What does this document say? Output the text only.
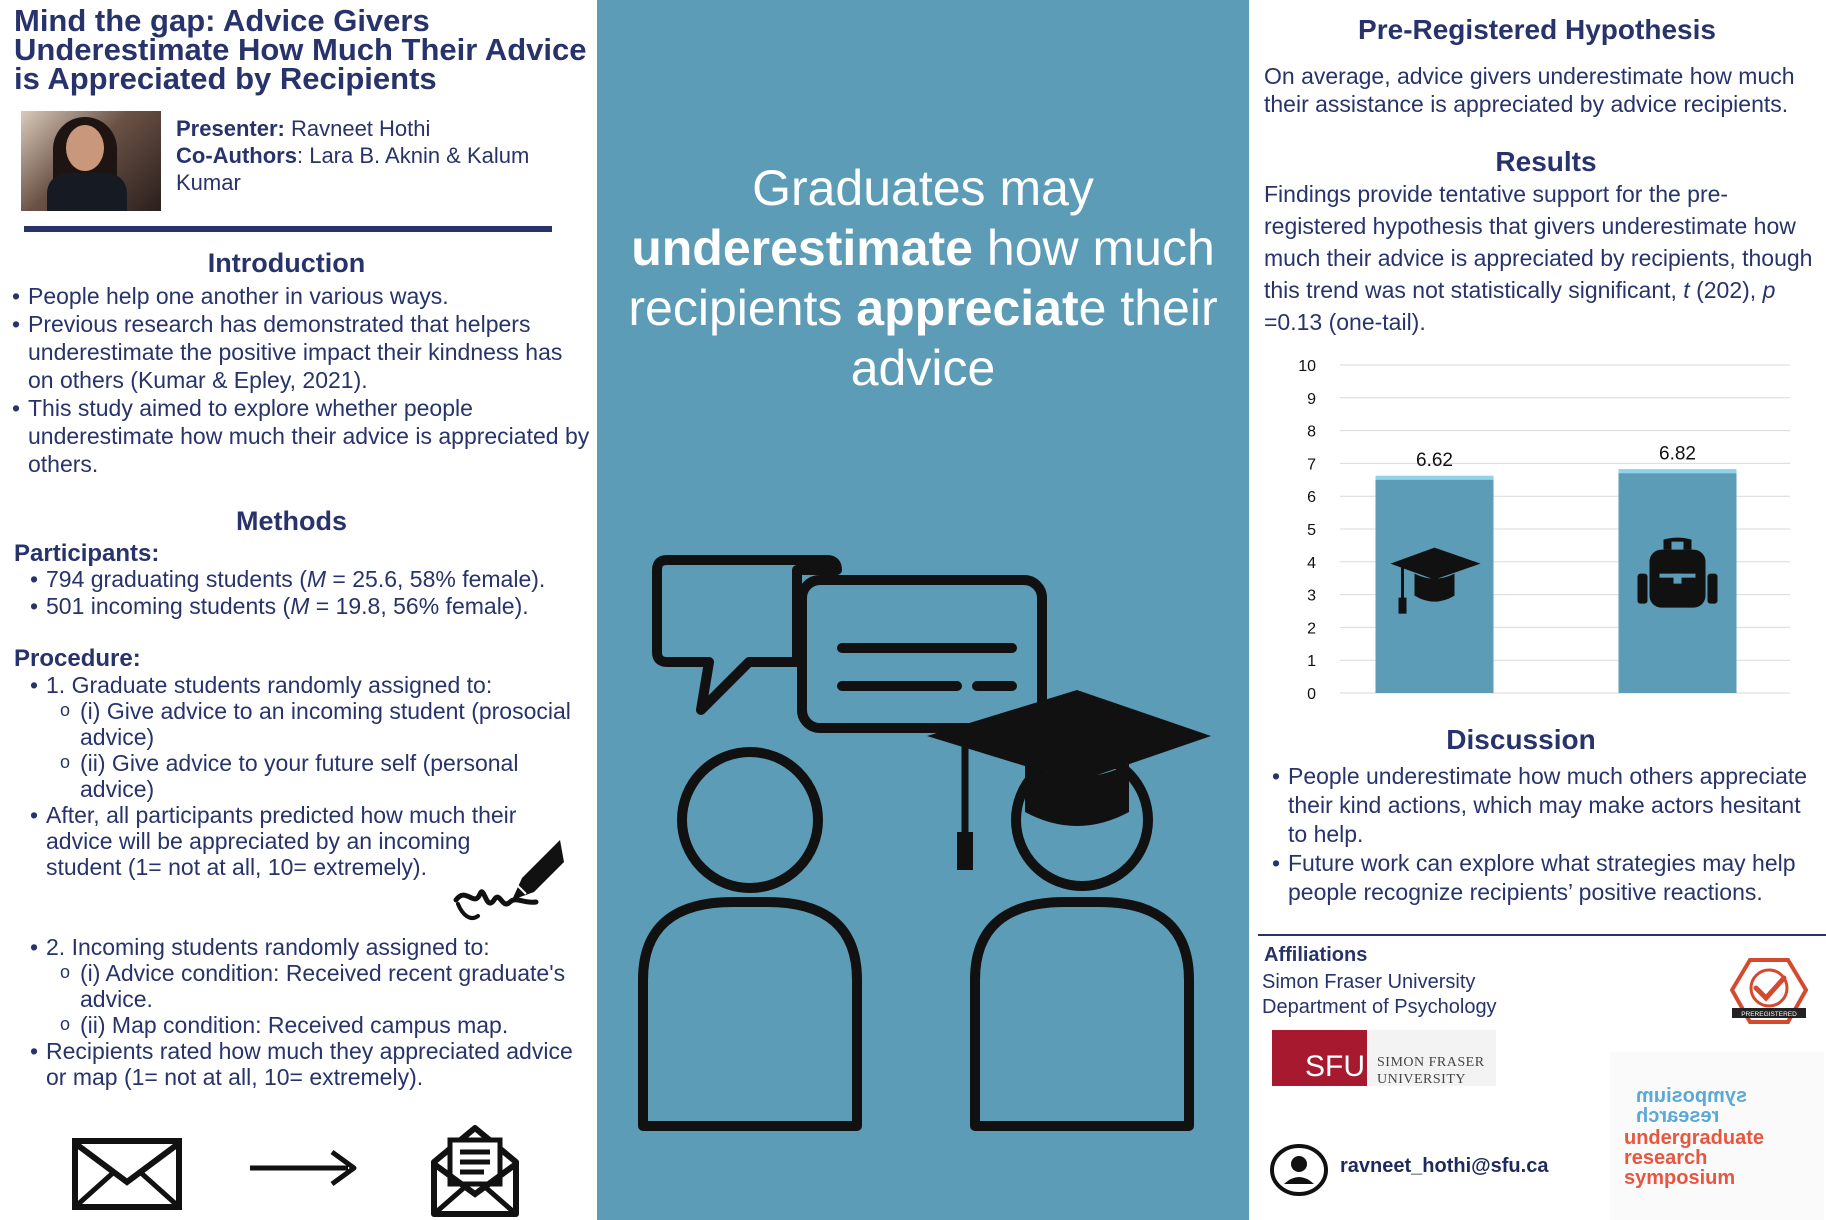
Mind the gap: Advice Givers Underestimate How Much Their Advice is Appreciated by Recipients
Presenter: Ravneet Hothi
Co-Authors: Lara B. Aknin & Kalum Kumar
Introduction
• People help one another in various ways.
• Previous research has demonstrated that helpers underestimate the positive impact their kindness has on others (Kumar & Epley, 2021).
• This study aimed to explore whether people underestimate how much their advice is appreciated by others.
Methods
Participants:
• 794 graduating students (M = 25.6, 58% female).
• 501 incoming students (M = 19.8, 56% female).
Procedure:
• 1. Graduate students randomly assigned to:
o (i) Give advice to an incoming student (prosocial advice)
o (ii) Give advice to your future self (personal advice)
• After, all participants predicted how much their advice will be appreciated by an incoming student (1= not at all, 10= extremely).
• 2. Incoming students randomly assigned to:
o (i) Advice condition: Received recent graduate's advice.
o (ii) Map condition: Received campus map.
• Recipients rated how much they appreciated advice or map (1= not at all, 10= extremely).
Graduates may
underestimate how much recipients appreciate their advice
Pre-Registered Hypothesis
On average, advice givers underestimate how much their assistance is appreciated by advice recipients.
Results
Findings provide tentative support for the pre-registered hypothesis that givers underestimate how much their advice is appreciated by recipients, though this trend was not statistically significant, t (202), p =0.13 (one-tail).
0
1
2
3
4
5
6
7
8
9
10
6.62	6.82
Discussion
• People underestimate how much others appreciate their kind actions, which may make actors hesitant to help.
• Future work can explore what strategies may help people recognize recipients’ positive reactions.
Affiliations
Simon Fraser University
Department of Psychology
SFU SIMON FRASER
UNIVERSITY
PREREGISTERED
ravneet_hothi@sfu.ca
symposium
research
undergraduate
research
symposium
